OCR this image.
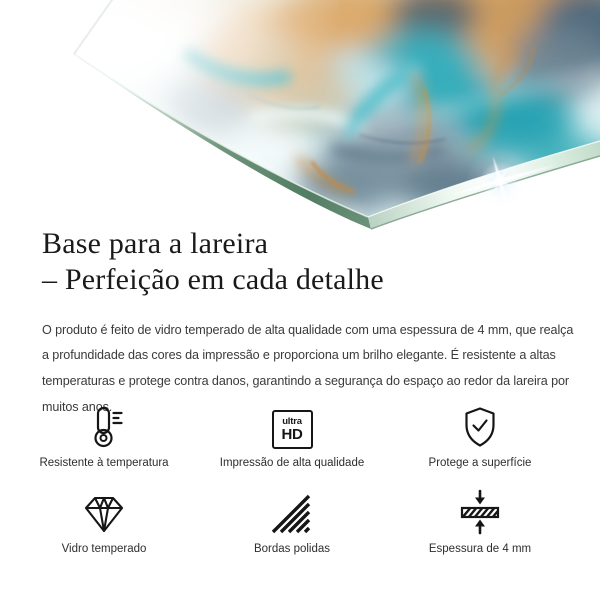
Base para a lareira
– Perfeição em cada detalhe

O produto é feito de vidro temperado de alta qualidade com uma espessura de 4 mm, que realça a profundidade das cores da impressão e proporciona um brilho elegante. É resistente a altas temperaturas e protege contra danos, garantindo a segurança do espaço ao redor da lareira por muitos anos.

Resistente à temperatura
ultra
HD
Impressão de alta qualidade	Protege a superfície
Vidro temperado	Bordas polidas	Espessura de 4 mm
